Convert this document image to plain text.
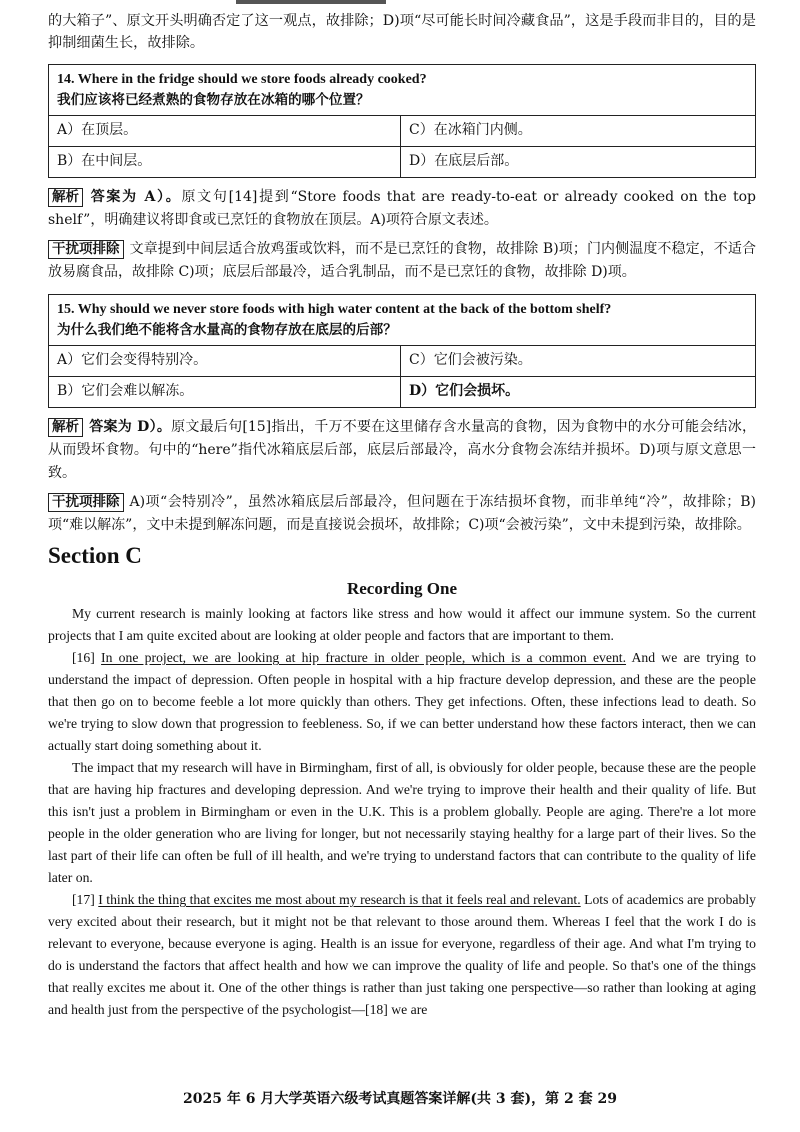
的大箱子”、原文开头明确否定了这一观点，故排除；D)项“尽可能长时间冷藏食品”，这是手段而非目的，目的是抑制细菌生长，故排除。

14. Where in the fridge should we store foods already cooked?
我们应该将已经煮熟的食物存放在冰箱的哪个位置？
A）在顶层。	C）在冰箱门内侧。
B）在中间层。	D）在底层后部。

解析 答案为 A）。原文句[14]提到“Store foods that are ready-to-eat or already cooked on the top shelf”，明确建议将即食或已烹饪的食物放在顶层。A)项符合原文表述。

干扰项排除 文章提到中间层适合放鸡蛋或饮料，而不是已烹饪的食物，故排除 B)项；门内侧温度不稳定，不适合放易腐食品，故排除 C)项；底层后部最冷，适合乳制品，而不是已烹饪的食物，故排除 D)项。

15. Why should we never store foods with high water content at the back of the bottom shelf?
为什么我们绝不能将含水量高的食物存放在底层的后部？
A）它们会变得特别冷。	C）它们会被污染。
B）它们会难以解冻。	D）它们会损坏。

解析 答案为 D）。原文最后句[15]指出，千万不要在这里储存含水量高的食物，因为食物中的水分可能会结冰，从而毁坏食物。句中的“here”指代冰箱底层后部，底层后部最冷，高水分食物会冻结并损坏。D)项与原文意思一致。

干扰项排除 A)项“会特别冷”，虽然冰箱底层后部最冷，但问题在于冻结损坏食物，而非单纯“冷”，故排除；B)项“难以解冻”，文中未提到解冻问题，而是直接说会损坏，故排除；C)项“会被污染”，文中未提到污染，故排除。

Section C
Recording One

My current research is mainly looking at factors like stress and how would it affect our immune system. So the current projects that I am quite excited about are looking at older people and factors that are important to them.

[16] In one project, we are looking at hip fracture in older people, which is a common event. And we are trying to understand the impact of depression. Often people in hospital with a hip fracture develop depression, and these are the people that then go on to become feeble a lot more quickly than others. They get infections. Often, these infections lead to death. So we're trying to slow down that progression to feebleness. So, if we can better understand how these factors interact, then we can actually start doing something about it.

The impact that my research will have in Birmingham, first of all, is obviously for older people, because these are the people that are having hip fractures and developing depression. And we're trying to improve their health and their quality of life. But this isn't just a problem in Birmingham or even in the U.K. This is a problem globally. People are aging. There're a lot more people in the older generation who are living for longer, but not necessarily staying healthy for a large part of their lives. So the last part of their life can often be full of ill health, and we're trying to understand factors that can contribute to the quality of life later on.

[17] I think the thing that excites me most about my research is that it feels real and relevant. Lots of academics are probably very excited about their research, but it might not be that relevant to those around them. Whereas I feel that the work I do is relevant to everyone, because everyone is aging. Health is an issue for everyone, regardless of their age. And what I'm trying to do is understand the factors that affect health and how we can improve the quality of life and people. So that's one of the things that really excites me about it. One of the other things is rather than just taking one perspective—so rather than looking at aging and health just from the perspective of the psychologist—[18] we are

2025 年 6 月大学英语六级考试真题答案详解(共 3 套)，第 2 套 29
